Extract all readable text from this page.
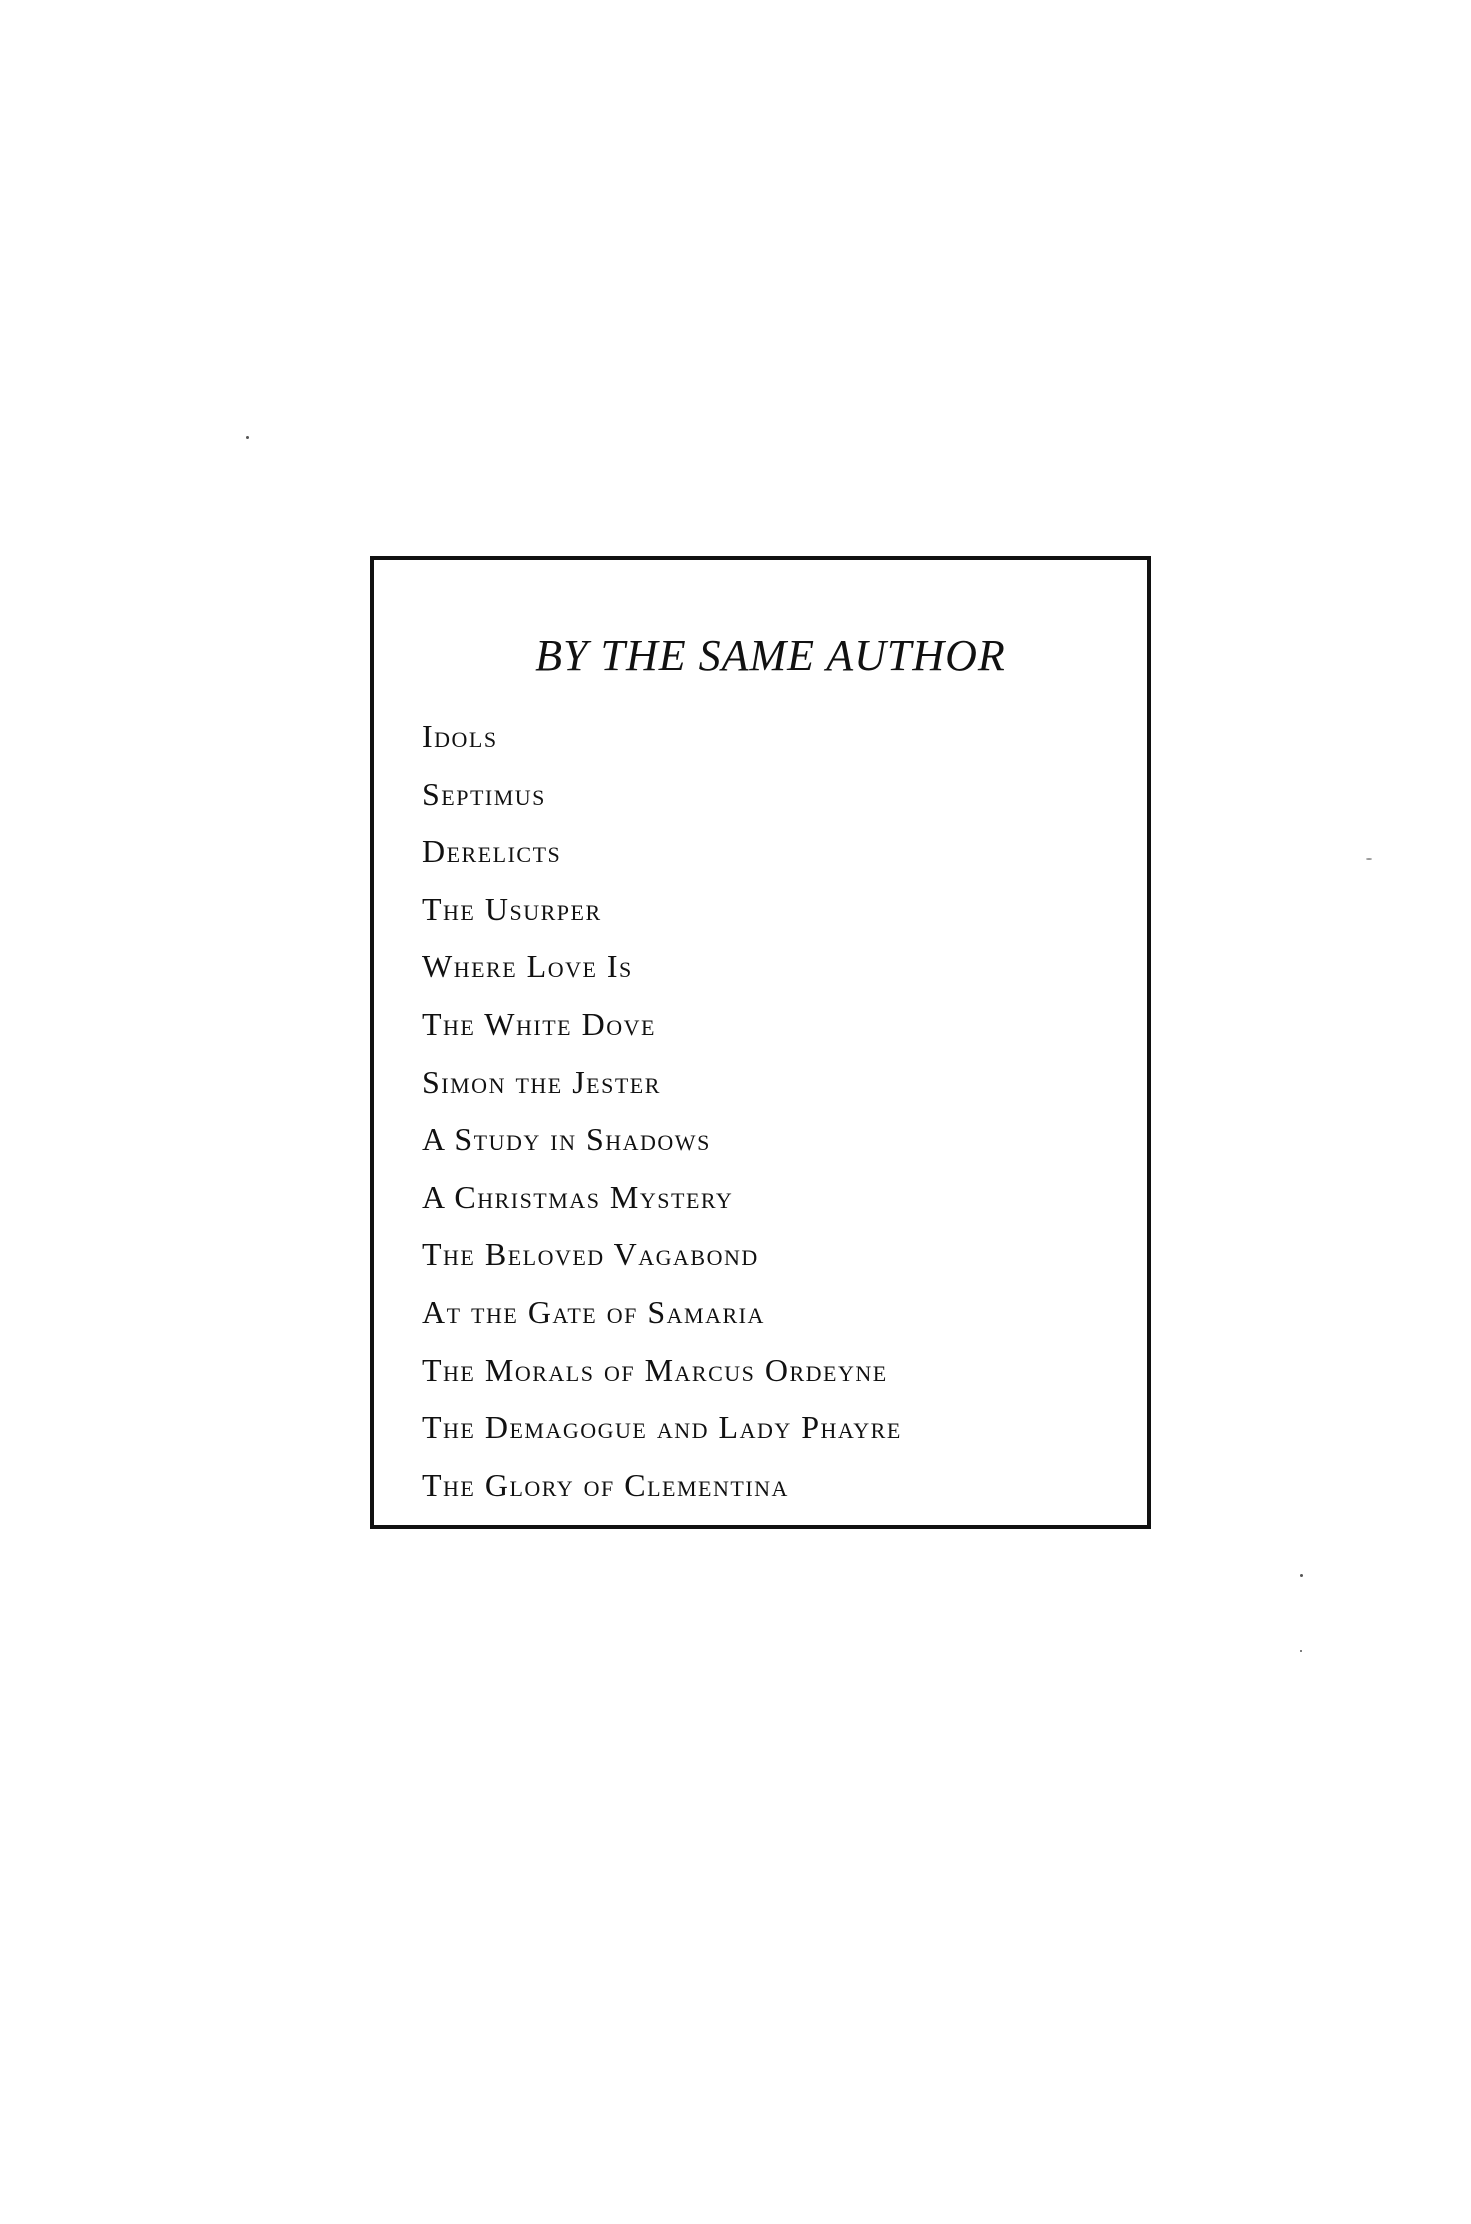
BY THE SAME AUTHOR
Idols
Septimus
Derelicts
The Usurper
Where Love Is
The White Dove
Simon the Jester
A Study in Shadows
A Christmas Mystery
The Beloved Vagabond
At the Gate of Samaria
The Morals of Marcus Ordeyne
The Demagogue and Lady Phayre
The Glory of Clementina
